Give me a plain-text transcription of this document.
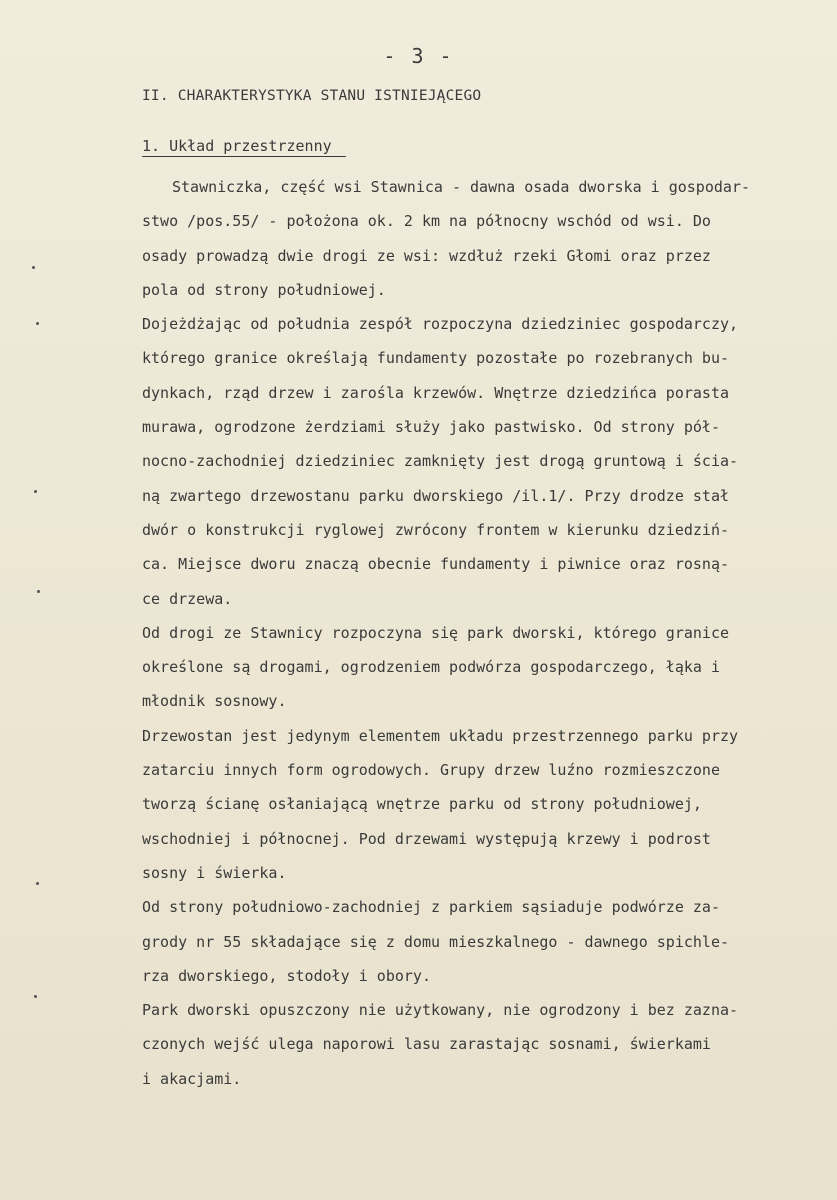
- 3 -
II. CHARAKTERYSTYKA STANU ISTNIEJĄCEGO
1. Układ przestrzenny
Stawniczka, część wsi Stawnica - dawna osada dworska i gospodar-
stwo /pos.55/ - położona ok. 2 km na północny wschód od wsi. Do
osady prowadzą dwie drogi ze wsi: wzdłuż rzeki Głomi oraz przez
pola od strony południowej.
Dojeżdżając od południa zespół rozpoczyna dziedziniec gospodarczy,
którego granice określają fundamenty pozostałe po rozebranych bu-
dynkach, rząd drzew i zarośla krzewów. Wnętrze dziedzińca porasta
murawa, ogrodzone żerdziami służy jako pastwisko. Od strony pół-
nocno-zachodniej dziedziniec zamknięty jest drogą gruntową i ścia-
ną zwartego drzewostanu parku dworskiego /il.1/. Przy drodze stał
dwór o konstrukcji ryglowej zwrócony frontem w kierunku dziedziń-
ca. Miejsce dworu znaczą obecnie fundamenty i piwnice oraz rosną-
ce drzewa.
Od drogi ze Stawnicy rozpoczyna się park dworski, którego granice
określone są drogami, ogrodzeniem podwórza gospodarczego, łąka i
młodnik sosnowy.
Drzewostan jest jedynym elementem układu przestrzennego parku przy
zatarciu innych form ogrodowych. Grupy drzew luźno rozmieszczone
tworzą ścianę osłaniającą wnętrze parku od strony południowej,
wschodniej i północnej. Pod drzewami występują krzewy i podrost
sosny i świerka.
Od strony południowo-zachodniej z parkiem sąsiaduje podwórze za-
grody nr 55 składające się z domu mieszkalnego - dawnego spichle-
rza dworskiego, stodoły i obory.
Park dworski opuszczony nie użytkowany, nie ogrodzony i bez zazna-
czonych wejść ulega naporowi lasu zarastając sosnami, świerkami
i akacjami.
